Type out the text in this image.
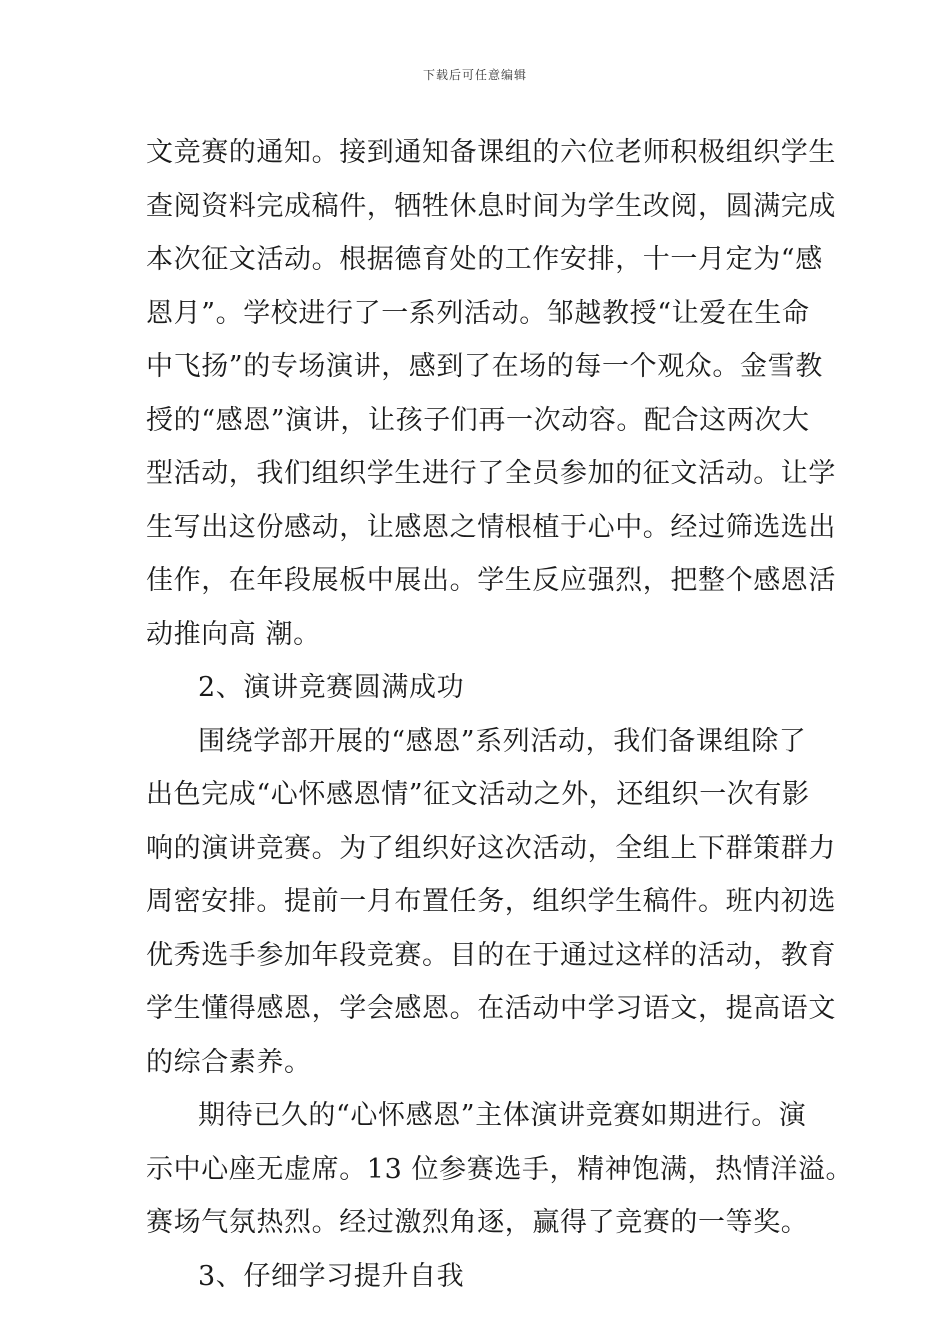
下载后可任意编辑
文竞赛的通知。接到通知备课组的六位老师积极组织学生
查阅资料完成稿件，牺牲休息时间为学生改阅，圆满完成
本次征文活动。根据德育处的工作安排，十一月定为“感
恩月”。学校进行了一系列活动。邹越教授“让爱在生命
中飞扬”的专场演讲，感到了在场的每一个观众。金雪教
授的“感恩”演讲，让孩子们再一次动容。配合这两次大
型活动，我们组织学生进行了全员参加的征文活动。让学
生写出这份感动，让感恩之情根植于心中。经过筛选选出
佳作，在年段展板中展出。学生反应强烈，把整个感恩活
动推向高 潮。
2、演讲竞赛圆满成功
围绕学部开展的“感恩”系列活动，我们备课组除了
出色完成“心怀感恩情”征文活动之外，还组织一次有影
响的演讲竞赛。为了组织好这次活动，全组上下群策群力
周密安排。提前一月布置任务，组织学生稿件。班内初选
优秀选手参加年段竞赛。目的在于通过这样的活动，教育
学生懂得感恩，学会感恩。在活动中学习语文，提高语文
的综合素养。
期待已久的“心怀感恩”主体演讲竞赛如期进行。演
示中心座无虚席。13 位参赛选手，精神饱满，热情洋溢。
赛场气氛热烈。经过激烈角逐，赢得了竞赛的一等奖。
3、仔细学习提升自我
